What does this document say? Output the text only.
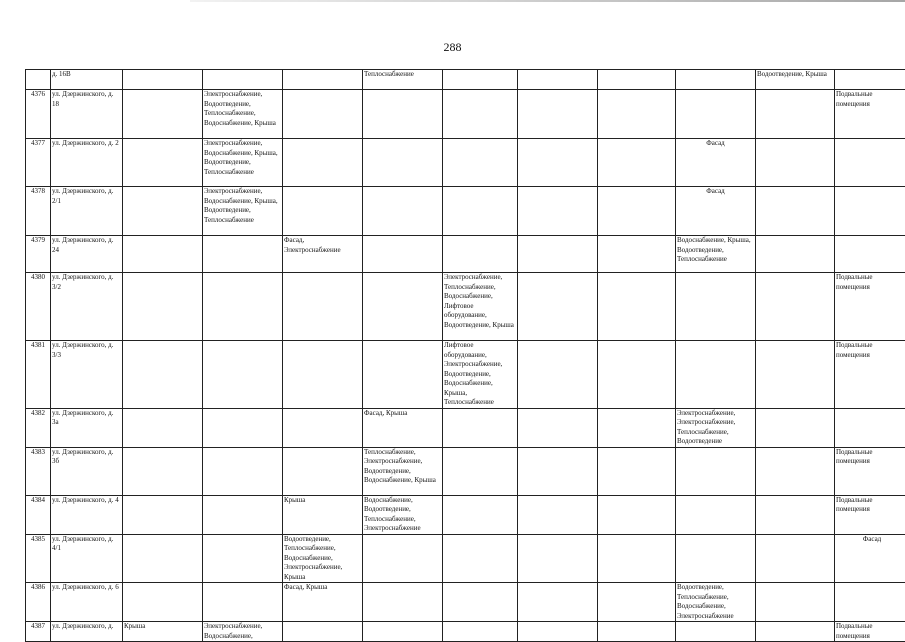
288
	д. 16В				Теплоснабжение					Водоотведение, Крыша	
4376	ул. Дзержинского, д. 18		Электроснабжение, Водоотведение, Теплоснабжение, Водоснабжение, Крыша								Подвальные помещения
4377	ул. Дзержинского, д. 2		Электроснабжение, Водоснабжение, Крыша, Водоотведение, Теплоснабжение						Фасад		
4378	ул. Дзержинского, д. 2/1		Электроснабжение, Водоснабжение, Крыша, Водоотведение, Теплоснабжение						Фасад		
4379	ул. Дзержинского, д. 24			Фасад, Электроснабжение					Водоснабжение, Крыша, Водоотведение, Теплоснабжение		
4380	ул. Дзержинского, д. 3/2					Электроснабжение, Теплоснабжение, Водоснабжение, Лифтовое оборудование, Водоотведение, Крыша					Подвальные помещения
4381	ул. Дзержинского, д. 3/3					Лифтовое оборудование, Электроснабжение, Водоотведение, Водоснабжение, Крыша, Теплоснабжение					Подвальные помещения
4382	ул. Дзержинского, д. 3а				Фасад, Крыша				Электроснабжение, Электроснабжение, Теплоснабжение, Водоотведение		
4383	ул. Дзержинского, д. 3б				Теплоснабжение, Электроснабжение, Водоотведение, Водоснабжение, Крыша						Подвальные помещения
4384	ул. Дзержинского, д. 4			Крыша	Водоснабжение, Водоотведение, Теплоснабжение, Электроснабжение						Подвальные помещения
4385	ул. Дзержинского, д. 4/1			Водоотведение, Теплоснабжение, Водоснабжение, Электроснабжение, Крыша							Фасад
4386	ул. Дзержинского, д. 6			Фасад, Крыша					Водоотведение, Теплоснабжение, Водоснабжение, Электроснабжение		
4387	ул. Дзержинского, д.	Крыша	Электроснабжение, Водоснабжение,								Подвальные помещения
